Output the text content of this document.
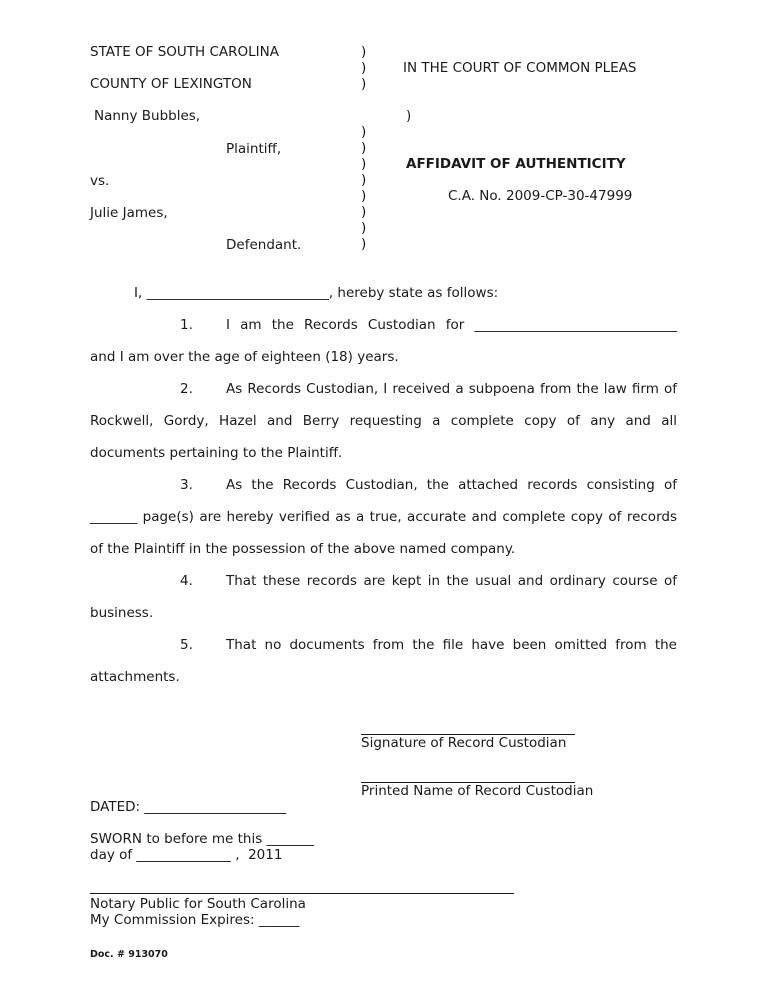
STATE OF SOUTH CAROLINA
COUNTY OF LEXINGTON
Nanny Bubbles,
Plaintiff,
vs.
Julie James,
Defendant.
)
)
)
)
)
)
)
)
)
)
)
)
IN THE COURT OF COMMON PLEAS
AFFIDAVIT OF AUTHENTICITY
C.A. No. 2009-CP-30-47999

I, ___________________________, hereby state as follows:

1. I am the Records Custodian for ______________________________

and I am over the age of eighteen (18) years.

2. As Records Custodian, I received a subpoena from the law firm of

Rockwell, Gordy, Hazel and Berry requesting a complete copy of any and all

documents pertaining to the Plaintiff.

3. As the Records Custodian, the attached records consisting of

_______ page(s) are hereby verified as a true, accurate and complete copy of records

of the Plaintiff in the possession of the above named company.

4. That these records are kept in the usual and ordinary course of

business.

5. That no documents from the file have been omitted from the

attachments.

Signature of Record Custodian
Printed Name of Record Custodian
DATED: _____________________
SWORN to before me this _______
day of ______________ ,  2011
Notary Public for South Carolina
My Commission Expires: ______
Doc. # 913070
